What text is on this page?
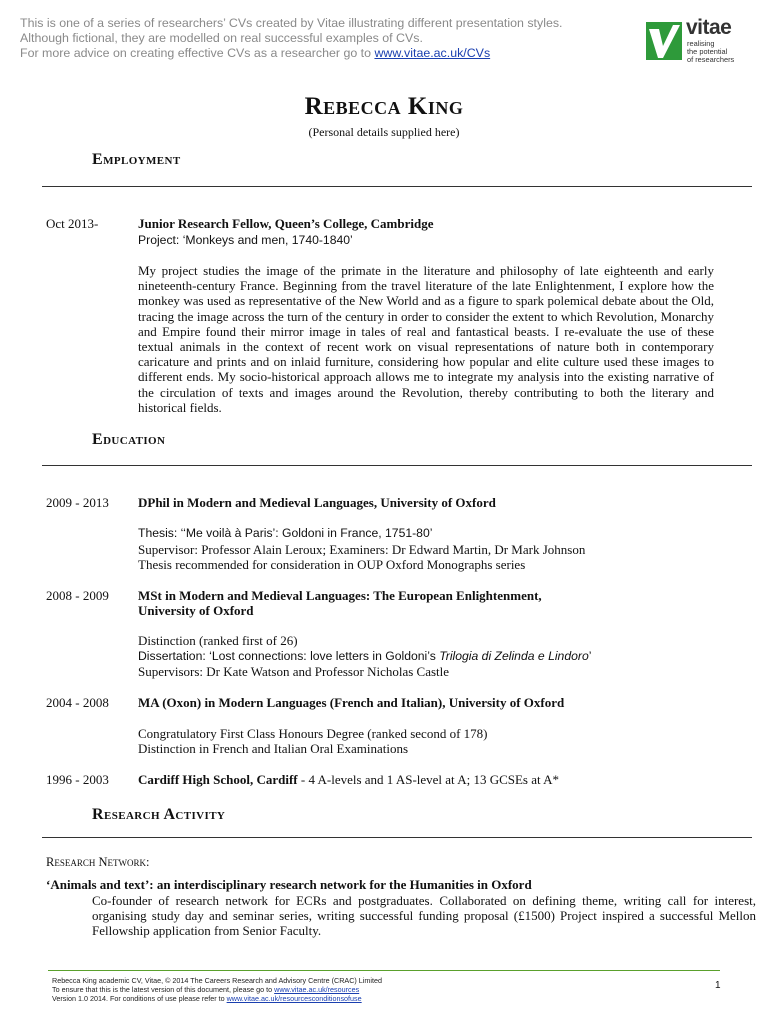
This is one of a series of researchers’ CVs created by Vitae illustrating different presentation styles.
Although fictional, they are modelled on real successful examples of CVs.
For more advice on creating effective CVs as a researcher go to www.vitae.ac.uk/CVs
vitae
realising
the potential
of researchers
Rebecca King
(Personal details supplied here)
Employment
Oct 2013-	Junior Research Fellow, Queen’s College, Cambridge
Project: ‘Monkeys and men, 1740-1840’
My project studies the image of the primate in the literature and philosophy of late eighteenth and early nineteenth-century France. Beginning from the travel literature of the late Enlightenment, I explore how the monkey was used as representative of the New World and as a figure to spark polemical debate about the Old, tracing the image across the turn of the century in order to consider the extent to which Revolution, Monarchy and Empire found their mirror image in tales of real and fantastical beasts. I re-evaluate the use of these textual animals in the context of recent work on visual representations of nature both in contemporary caricature and prints and on inlaid furniture, considering how popular and elite culture used these images to different ends. My socio-historical approach allows me to integrate my analysis into the existing narrative of the circulation of texts and images around the Revolution, thereby contributing to both the literary and historical fields.
Education
2009 - 2013 DPhil in Modern and Medieval Languages, University of Oxford
Thesis: ‘‘Me voilà à Paris’: Goldoni in France, 1751-80’
Supervisor: Professor Alain Leroux; Examiners: Dr Edward Martin, Dr Mark Johnson
Thesis recommended for consideration in OUP Oxford Monographs series
2008 - 2009 MSt in Modern and Medieval Languages: The European Enlightenment,
University of Oxford
Distinction (ranked first of 26)
Dissertation: ‘Lost connections: love letters in Goldoni’s Trilogia di Zelinda e Lindoro’
Supervisors: Dr Kate Watson and Professor Nicholas Castle
2004 - 2008 MA (Oxon) in Modern Languages (French and Italian), University of Oxford
Congratulatory First Class Honours Degree (ranked second of 178)
Distinction in French and Italian Oral Examinations
1996 - 2003 Cardiff High School, Cardiff - 4 A-levels and 1 AS-level at A; 13 GCSEs at A*
Research Activity
Research Network:
‘Animals and text’: an interdisciplinary research network for the Humanities in Oxford
Co-founder of research network for ECRs and postgraduates. Collaborated on defining theme, writing call for interest, organising study day and seminar series, writing successful funding proposal (£1500) Project inspired a successful Mellon Fellowship application from Senior Faculty.
Rebecca King academic CV, Vitae, © 2014 The Careers Research and Advisory Centre (CRAC) Limited
To ensure that this is the latest version of this document, please go to www.vitae.ac.uk/resources
Version 1.0 2014. For conditions of use please refer to www.vitae.ac.uk/resourcesconditionsofuse
1
